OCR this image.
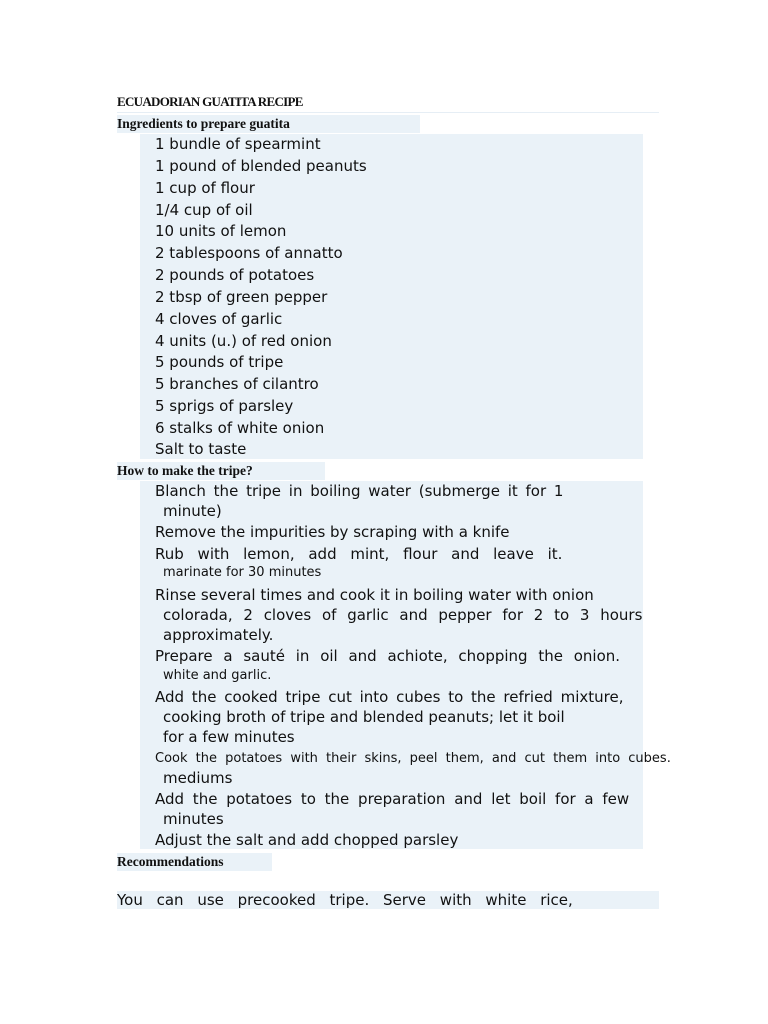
ECUADORIAN GUATITA RECIPE
Ingredients to prepare guatita
1 bundle of spearmint
1 pound of blended peanuts
1 cup of flour
1/4 cup of oil
10 units of lemon
2 tablespoons of annatto
2 pounds of potatoes
2 tbsp of green pepper
4 cloves of garlic
4 units (u.) of red onion
5 pounds of tripe
5 branches of cilantro
5 sprigs of parsley
6 stalks of white onion
Salt to taste
How to make the tripe?
Blanch the tripe in boiling water (submerge it for 1
minute)
Remove the impurities by scraping with a knife
Rub with lemon, add mint, flour and leave it.
marinate for 30 minutes
Rinse several times and cook it in boiling water with onion
colorada, 2 cloves of garlic and pepper for 2 to 3 hours
approximately.
Prepare a sauté in oil and achiote, chopping the onion.
white and garlic.
Add the cooked tripe cut into cubes to the refried mixture,
cooking broth of tripe and blended peanuts; let it boil
for a few minutes
Cook the potatoes with their skins, peel them, and cut them into cubes.
mediums
Add the potatoes to the preparation and let boil for a few
minutes
Adjust the salt and add chopped parsley
Recommendations
You can use precooked tripe. Serve with white rice,
